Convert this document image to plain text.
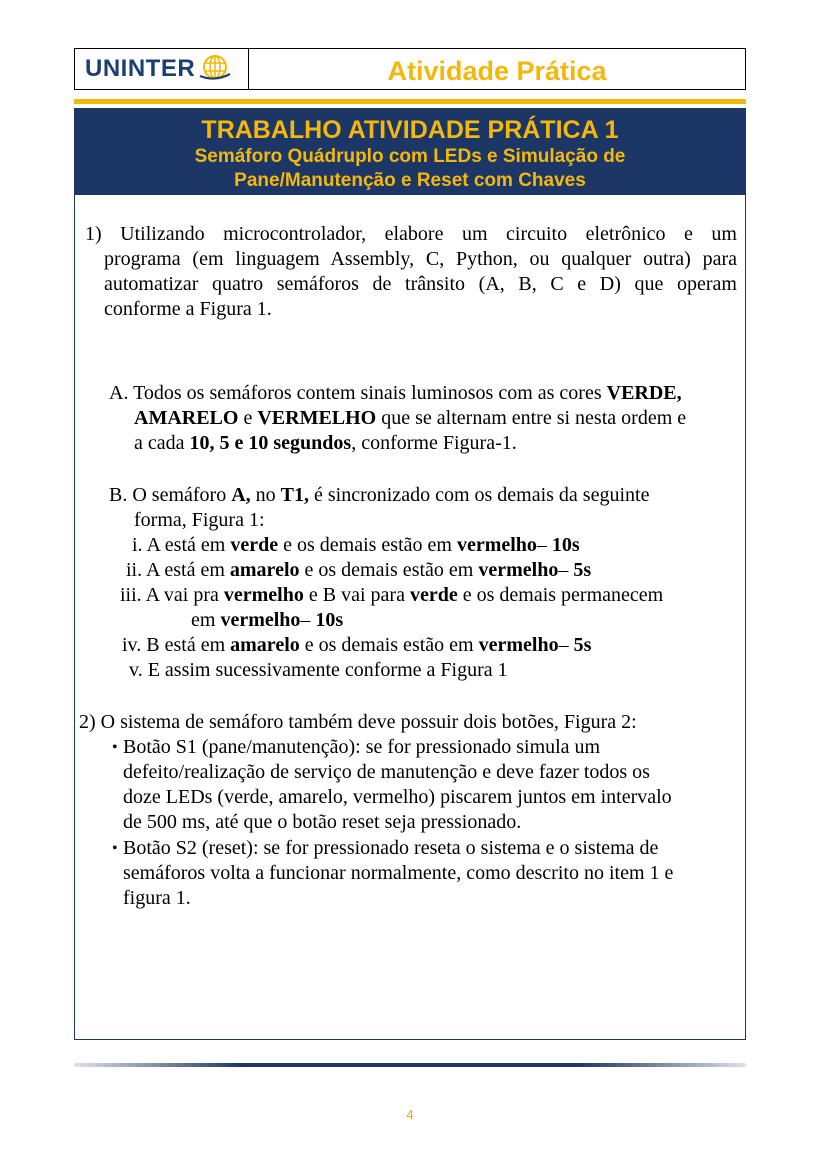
UNINTER	Atividade Prática
TRABALHO ATIVIDADE PRÁTICA 1
Semáforo Quádruplo com LEDs e Simulação de
Pane/Manutenção e Reset com Chaves
1) Utilizando microcontrolador, elabore um circuito eletrônico e um
programa (em linguagem Assembly, C, Python, ou qualquer outra) para
automatizar quatro semáforos de trânsito (A, B, C e D) que operam
conforme a Figura 1.
A. Todos os semáforos contem sinais luminosos com as cores VERDE,
AMARELO e VERMELHO que se alternam entre si nesta ordem e
a cada 10, 5 e 10 segundos, conforme Figura-1.
B. O semáforo A, no T1, é sincronizado com os demais da seguinte
forma, Figura 1:
i. A está em verde e os demais estão em vermelho– 10s
ii. A está em amarelo e os demais estão em vermelho– 5s
iii. A vai pra vermelho e B vai para verde e os demais permanecem
em vermelho– 10s
iv. B está em amarelo e os demais estão em vermelho– 5s
v. E assim sucessivamente conforme a Figura 1
2) O sistema de semáforo também deve possuir dois botões, Figura 2:
• Botão S1 (pane/manutenção): se for pressionado simula um
defeito/realização de serviço de manutenção e deve fazer todos os
doze LEDs (verde, amarelo, vermelho) piscarem juntos em intervalo
de 500 ms, até que o botão reset seja pressionado.
• Botão S2 (reset): se for pressionado reseta o sistema e o sistema de
semáforos volta a funcionar normalmente, como descrito no item 1 e
figura 1.
4
